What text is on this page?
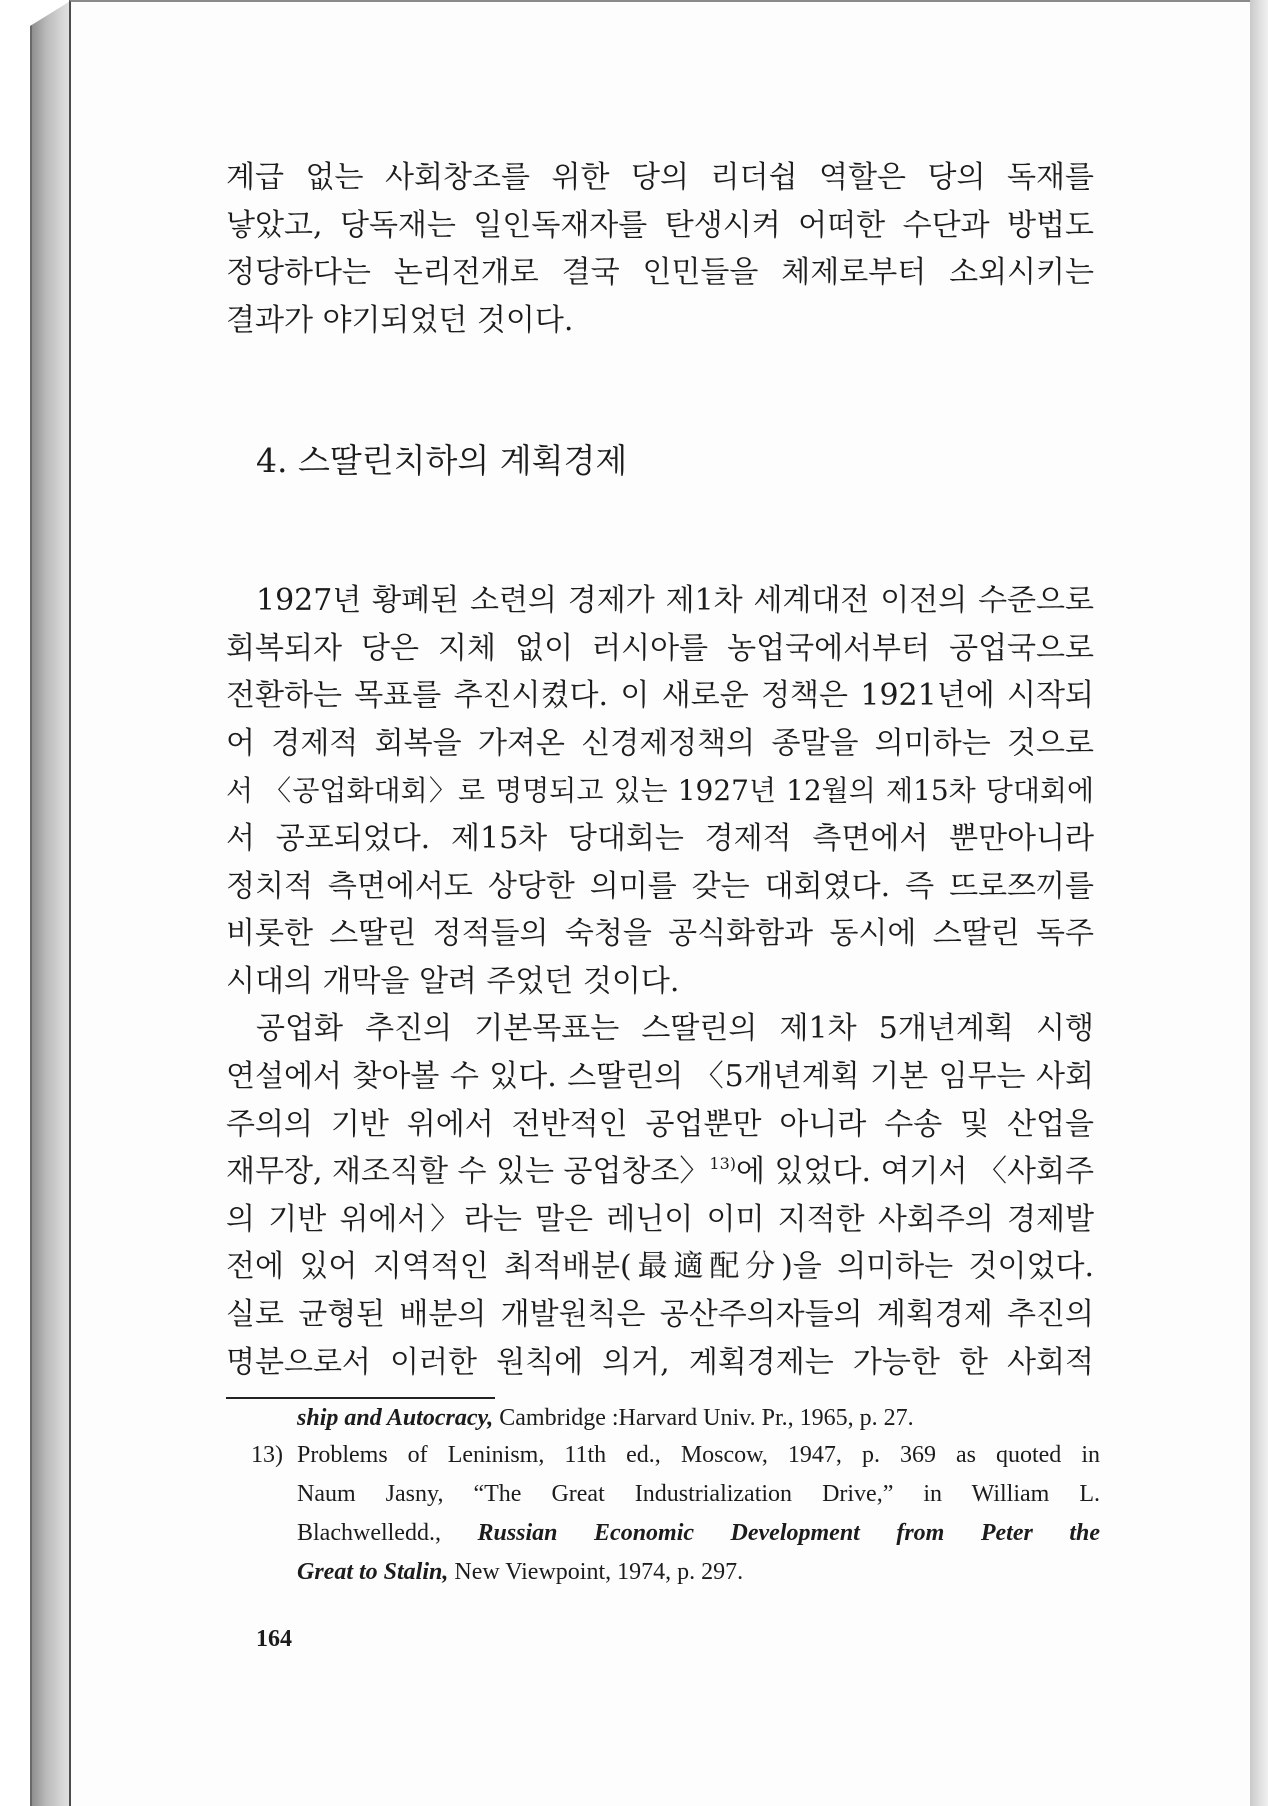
계급 없는 사회창조를 위한 당의 리더쉽 역할은 당의 독재를
낳았고, 당독재는 일인독재자를 탄생시켜 어떠한 수단과 방법도
정당하다는 논리전개로 결국 인민들을 체제로부터 소외시키는
결과가 야기되었던 것이다.
4. 스딸린치하의 계획경제
1927년 황폐된 소련의 경제가 제1차 세계대전 이전의 수준으로
회복되자 당은 지체 없이 러시아를 농업국에서부터 공업국으로
전환하는 목표를 추진시켰다. 이 새로운 정책은 1921년에 시작되
어 경제적 회복을 가져온 신경제정책의 종말을 의미하는 것으로
서 〈공업화대회〉로 명명되고 있는 1927년 12월의 제15차 당대회에
서 공포되었다. 제15차 당대회는 경제적 측면에서 뿐만아니라
정치적 측면에서도 상당한 의미를 갖는 대회였다. 즉 뜨로쯔끼를
비롯한 스딸린 정적들의 숙청을 공식화함과 동시에 스딸린 독주
시대의 개막을 알려 주었던 것이다.
공업화 추진의 기본목표는 스딸린의 제1차 5개년계획 시행
연설에서 찾아볼 수 있다. 스딸린의 〈5개년계획 기본 임무는 사회
주의의 기반 위에서 전반적인 공업뿐만 아니라 수송 및 산업을
재무장, 재조직할 수 있는 공업창조〉$^{13)}$에 있었다. 여기서 〈사회주
의 기반 위에서〉라는 말은 레닌이 이미 지적한 사회주의 경제발
전에 있어 지역적인 최적배분(最適配分)을 의미하는 것이었다.
실로 균형된 배분의 개발원칙은 공산주의자들의 계획경제 추진의
명분으로서 이러한 원칙에 의거, 계획경제는 가능한 한 사회적
ship and Autocracy, Cambridge :Harvard Univ. Pr., 1965, p. 27.
13) Problems of Leninism, 11th ed., Moscow, 1947, p. 369 as quoted in
Naum Jasny, “The Great Industrialization Drive,” in William L.
Blachwelledd., Russian Economic Development from Peter the
Great to Stalin, New Viewpoint, 1974, p. 297.
164
